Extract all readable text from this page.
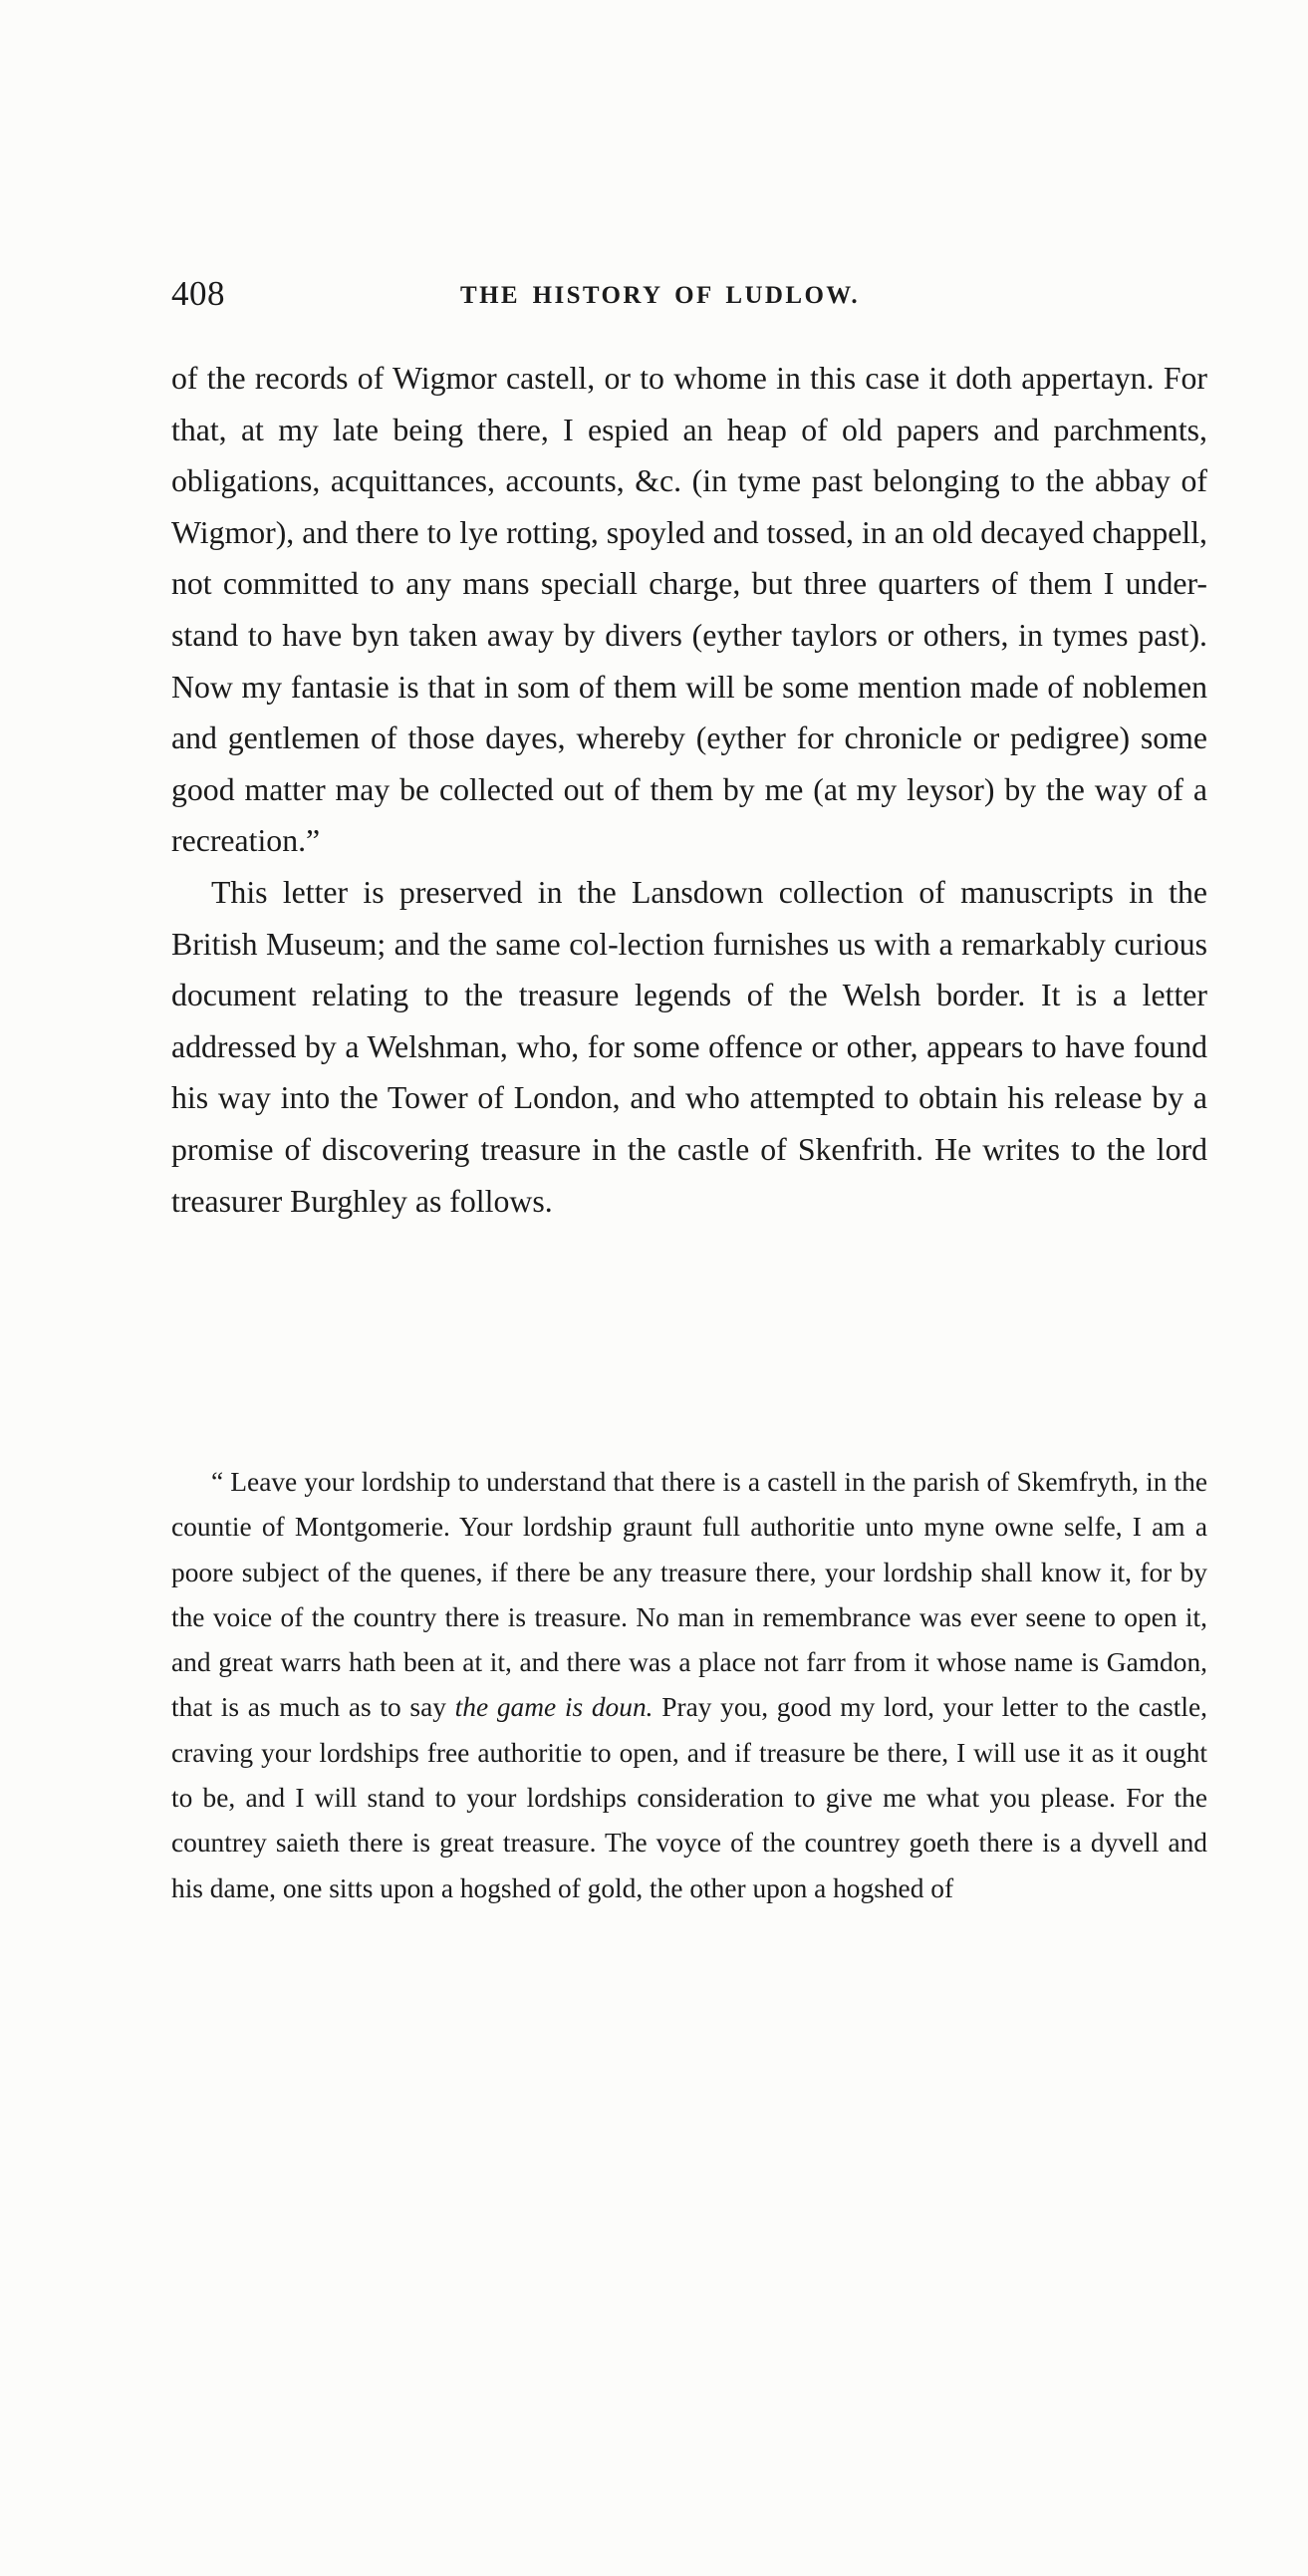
408	THE HISTORY OF LUDLOW.

of the records of Wigmor castell, or to whome in this case it doth appertayn. For that, at my late being there, I espied an heap of old papers and parchments, obligations, acquittances, accounts, &c. (in tyme past belonging to the abbay of Wigmor), and there to lye rotting, spoyled and tossed, in an old decayed chappell, not committed to any mans speciall charge, but three quarters of them I under-stand to have byn taken away by divers (eyther taylors or others, in tymes past). Now my fantasie is that in som of them will be some mention made of noblemen and gentlemen of those dayes, whereby (eyther for chronicle or pedigree) some good matter may be collected out of them by me (at my leysor) by the way of a recreation.”

This letter is preserved in the Lansdown collection of manuscripts in the British Museum; and the same col-lection furnishes us with a remarkably curious document relating to the treasure legends of the Welsh border. It is a letter addressed by a Welshman, who, for some offence or other, appears to have found his way into the Tower of London, and who attempted to obtain his release by a promise of discovering treasure in the castle of Skenfrith. He writes to the lord treasurer Burghley as follows.

“ Leave your lordship to understand that there is a castell in the parish of Skemfryth, in the countie of Montgomerie. Your lordship graunt full authoritie unto myne owne selfe, I am a poore subject of the quenes, if there be any treasure there, your lordship shall know it, for by the voice of the country there is treasure. No man in remembrance was ever seene to open it, and great warrs hath been at it, and there was a place not farr from it whose name is Gamdon, that is as much as to say the game is doun. Pray you, good my lord, your letter to the castle, craving your lordships free authoritie to open, and if treasure be there, I will use it as it ought to be, and I will stand to your lordships consideration to give me what you please. For the countrey saieth there is great treasure. The voyce of the countrey goeth there is a dyvell and his dame, one sitts upon a hogshed of gold, the other upon a hogshed of
